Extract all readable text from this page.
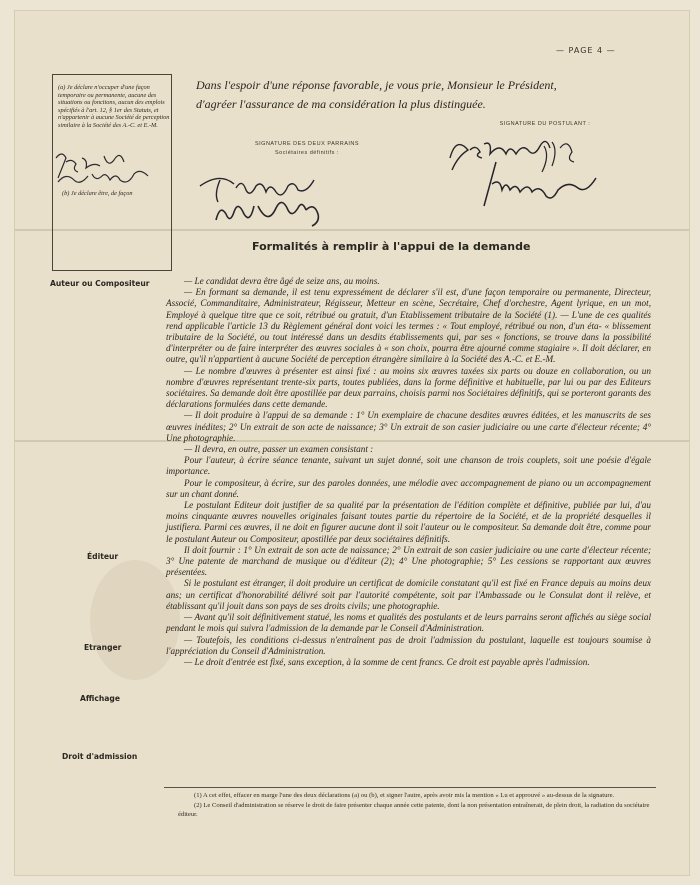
— PAGE 4 —
(a) Je déclare n'occuper d'une façon temporaire ou permanente, aucune des situations ou fonctions, aucun des emplois spécifiés à l'art. 12, § 1er des Statuts, et n'appartenir à aucune Société de perception similaire à la Société des A.-C. et E.-M.
(b) Je déclare être, de façon
Dans l'espoir d'une réponse favorable, je vous prie, Monsieur le Président,
d'agréer l'assurance de ma considération la plus distinguée.
SIGNATURE DES DEUX PARRAINS
Sociétaires définitifs :
SIGNATURE DU POSTULANT :
Formalités à remplir à l'appui de la demande
Auteur ou Compositeur
Éditeur
Etranger
Affichage
Droit d'admission

— Le candidat devra être âgé de seize ans, au moins.

— En formant sa demande, il est tenu expressément de déclarer s'il est, d'une façon temporaire ou permanente, Directeur, Associé, Commanditaire, Administrateur, Régisseur, Metteur en scène, Secrétaire, Chef d'orchestre, Agent lyrique, en un mot, Employé à quelque titre que ce soit, rétribué ou gratuit, d'un Etablissement tributaire de la Société (1). — L'une de ces qualités rend applicable l'article 13 du Règlement général dont voici les termes : « Tout employé, rétribué ou non, d'un éta- « blissement tributaire de la Société, ou tout intéressé dans un desdits établissements qui, par ses « fonctions, se trouve dans la possibilité d'interpréter ou de faire interpréter des œuvres sociales à « son choix, pourra être ajourné comme stagiaire ». Il doit déclarer, en outre, qu'il n'appartient à aucune Société de perception étrangère similaire à la Société des A.-C. et E.-M.

— Le nombre d'œuvres à présenter est ainsi fixé : au moins six œuvres taxées six parts ou douze en collaboration, ou un nombre d'œuvres représentant trente-six parts, toutes publiées, dans la forme définitive et habituelle, par lui ou par des Editeurs sociétaires. Sa demande doit être apostillée par deux parrains, choisis parmi nos Sociétaires définitifs, qui se porteront garants des déclarations formulées dans cette demande.

— Il doit produire à l'appui de sa demande : 1° Un exemplaire de chacune desdites œuvres éditées, et les manuscrits de ses œuvres inédites; 2° Un extrait de son acte de naissance; 3° Un extrait de son casier judiciaire ou une carte d'électeur récente; 4° Une photographie.

— Il devra, en outre, passer un examen consistant :

Pour l'auteur, à écrire séance tenante, suivant un sujet donné, soit une chanson de trois couplets, soit une poésie d'égale importance.

Pour le compositeur, à écrire, sur des paroles données, une mélodie avec accompagnement de piano ou un accompagnement sur un chant donné.

Le postulant Editeur doit justifier de sa qualité par la présentation de l'édition complète et définitive, publiée par lui, d'au moins cinquante œuvres nouvelles originales faisant toutes partie du répertoire de la Société, et de la propriété desquelles il justifiera. Parmi ces œuvres, il ne doit en figurer aucune dont il soit l'auteur ou le compositeur. Sa demande doit être, comme pour le postulant Auteur ou Compositeur, apostillée par deux sociétaires définitifs.

Il doit fournir : 1° Un extrait de son acte de naissance; 2° Un extrait de son casier judiciaire ou une carte d'électeur récente; 3° Une patente de marchand de musique ou d'éditeur (2); 4° Une photographie; 5° Les cessions se rapportant aux œuvres présentées.

Si le postulant est étranger, il doit produire un certificat de domicile constatant qu'il est fixé en France depuis au moins deux ans; un certificat d'honorabilité délivré soit par l'autorité compétente, soit par l'Ambassade ou le Consulat dont il relève, et établissant qu'il jouit dans son pays de ses droits civils; une photographie.

— Avant qu'il soit définitivement statué, les noms et qualités des postulants et de leurs parrains seront affichés au siège social pendant le mois qui suivra l'admission de la demande par le Conseil d'Administration.

— Toutefois, les conditions ci-dessus n'entraînent pas de droit l'admission du postulant, laquelle est toujours soumise à l'appréciation du Conseil d'Administration.

— Le droit d'entrée est fixé, sans exception, à la somme de cent francs. Ce droit est payable après l'admission.

(1) A cet effet, effacer en marge l'une des deux déclarations (a) ou (b), et signer l'autre, après avoir mis la mention « Lu et approuvé » au-dessus de la signature.

(2) Le Conseil d'administration se réserve le droit de faire présenter chaque année cette patente, dont la non présentation entraînerait, de plein droit, la radiation du sociétaire éditeur.
